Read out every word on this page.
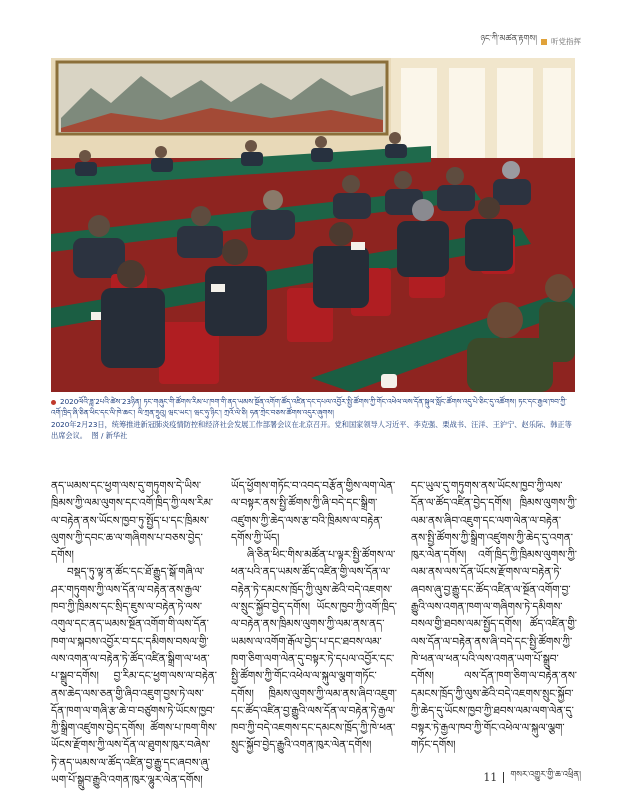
ཉང་ཀི་མཚན་རྟགས། 听党指挥
2020ལོའི་ཟླ་2པའི་ཚེས་23ཉིན། ཏང་གཞུང་གི་ཚོགས་རིམ་པ་ཁག་གི་ནད་ཡམས་སྔོན་འགོག་ཚོད་འཛིན་དང་དཔལ་འབྱོར་སྤྱི་ཚོགས་ཀྱི་གོང་འཕེལ་ལས་དོན་སྐུལ་སློང་ཚོགས་འདུ་པེ་ཅིང་དུ་འཚོགས། ཏང་དང་རྒྱལ་ཁབ་ཀྱི་འགོ་ཁྲིད་ཞི་ཅིན་ཕིང་དང་ལི་ཁེ་ཆང་། ལི་ཀྲན་ཧྲུའུ། ཝང་ཡང་། ཝང་ཧུ་ཉིང་། ཀྲའོ་ལེ་ཅི། ཧན་ཀྲེང་བཅས་ཚོགས་འདུར་ཞུགས།
2020年2月23日，统筹推进新冠肺炎疫情防控和经济社会发展工作部署会议在北京召开。党和国家领导人习近平、李克强、栗战书、汪洋、王沪宁、赵乐际、韩正等出席会议。 图 / 新华社

ནད་ཡམས་དང་ཕྱག་ལས་དུ་གཏུགས་དེ་ཡིས་ཁྲིམས་ཀྱི་ལམ་ལུགས་དང་འགོ་ཁྲིད་ཀྱི་ལས་རིམ་ལ་བརྟེན་ནས་ཡོངས་ཁྱབ་ཏུ་སྤྱོད་པ་དང་ཁྲིམས་ལུགས་ཀྱི་དབང་ཆ་ལ་གཞིགས་པ་བཅས་བྱེད་དགོས།

བསྡད་ཏུ་ལྟ་ན་ཚོང་དང་ཐོ་རྒྱུད་སྒོ་གཞི་ལ་ཤར་གཏུགས་ཀྱི་ལས་དོན་ལ་བརྟེན་ནས་རྒྱལ་ཁབ་ཀྱི་ཁྲིམས་དང་སྲིད་ཇུས་ལ་བརྟེན་ཏེ་ལས་འགུལ་དང་ནད་ཡམས་སྔོན་འགོག་གི་ལས་དོན་ཁག་ལ་སྐབས་འབྱོར་བ་དང་དམིགས་བསལ་གྱི་ལས་འགན་ལ་བརྟེན་ཏེ་ཚོད་འཛིན་སྒྲིག་ལ་ཕན་པ་སྒྲུབ་དགོས། བྱ་རིམ་དང་ཕྱག་ལས་ལ་བརྟེན་ནས་ཆེད་ལས་ཅན་གྱི་ཞིབ་འཇུག་བྱས་ཏེ་ལས་དོན་ཁག་ལ་གཞི་རྩ་ཆེ་བ་བཙུགས་ཏེ་ཡོངས་ཁྱབ་ཀྱི་སྒྲིག་འཛུགས་བྱེད་དགོས། ཚོགས་པ་ཁག་གིས་ཡོངས་རྫོགས་ཀྱི་ལས་དོན་ལ་ཐུགས་ཁུར་བཞེས་ཏེ་ནད་ཡམས་ལ་ཚོད་འཛིན་བྱ་རྒྱུ་དང་ཞབས་ཞུ་ཡག་པོ་སྒྲུབ་རྒྱུའི་འགན་ཁུར་ལྷུར་ལེན་དགོས།

ཡོད་ཕྱོགས་གཏོང་བ་འབད་བརྩོན་གྱིས་ལག་ལེན་ལ་བསྟར་ནས་སྤྱི་ཚོགས་ཀྱི་ཞི་བདེ་དང་སྒྲིག་འཛུགས་ཀྱི་ཆེད་ལས་རྩ་བའི་ཁྲིམས་ལ་བརྟེན་དགོས་ཀྱི་ཡོད།

ཞི་ཅིན་ཕིང་གིས་མཚོན་པ་ལྟར་སྤྱི་ཚོགས་ལ་ཕན་པའི་ནད་ཡམས་ཚོད་འཛིན་གྱི་ལས་དོན་ལ་བརྟེན་ཏེ་དམངས་ཁྲོད་ཀྱི་ལུས་ཚེའི་བདེ་འཇགས་ལ་སྲུང་སྐྱོབ་བྱེད་དགོས། ཡོངས་ཁྱབ་ཀྱི་འགོ་ཁྲིད་ལ་བརྟེན་ནས་ཁྲིམས་ལུགས་ཀྱི་ལམ་ནས་ནད་ཡམས་ལ་འགོག་རྒོལ་བྱེད་པ་དང་ཐབས་ལམ་ཁག་ཅིག་ལག་ལེན་དུ་བསྟར་ཏེ་དཔལ་འབྱོར་དང་སྤྱི་ཚོགས་ཀྱི་གོང་འཕེལ་ལ་སྐུལ་ལྕག་གཏོང་དགོས། ཁྲིམས་ལུགས་ཀྱི་ལམ་ནས་ཞིབ་འཇུག་དང་ཚོད་འཛིན་བྱ་རྒྱུའི་ལས་དོན་ལ་བརྟེན་ཏེ་རྒྱལ་ཁབ་ཀྱི་བདེ་འཇགས་དང་དམངས་ཁྲོད་ཀྱི་ཁེ་ཕན་སྲུང་སྐྱོབ་བྱེད་རྒྱུའི་འགན་ཁུར་ལེན་དགོས།

དང་ཡུལ་དུ་གཏུགས་ནས་ཡོངས་ཁྱབ་ཀྱི་ལས་དོན་ལ་ཚོད་འཛིན་བྱེད་དགོས། ཁྲིམས་ལུགས་ཀྱི་ལམ་ནས་ཞིབ་འཇུག་དང་ལག་ལེན་ལ་བརྟེན་ནས་སྤྱི་ཚོགས་ཀྱི་སྒྲིག་འཛུགས་ཀྱི་ཆེད་དུ་འགན་ཁུར་ལེན་དགོས། འགོ་ཁྲིད་ཀྱི་ཁྲིམས་ལུགས་ཀྱི་ལམ་ནས་ལས་དོན་ཡོངས་རྫོགས་ལ་བརྟེན་ཏེ་ཞབས་ཞུ་བྱ་རྒྱུ་དང་ཚོད་འཛིན་ལ་སྔོན་འགོག་བྱ་རྒྱུའི་ལས་འགན་ཁག་ལ་གཞིགས་ཏེ་དམིགས་བསལ་གྱི་ཐབས་ལམ་སྤྱོད་དགོས། ཚོད་འཛིན་གྱི་ལས་དོན་ལ་བརྟེན་ནས་ཞི་བདེ་དང་སྤྱི་ཚོགས་ཀྱི་ཁེ་ཕན་ལ་ཕན་པའི་ལས་འགན་ཡག་པོ་སྒྲུབ་དགོས། ལས་དོན་ཁག་ཅིག་ལ་བརྟེན་ནས་དམངས་ཁྲོད་ཀྱི་ལུས་ཚེའི་བདེ་འཇགས་སྲུང་སྐྱོབ་ཀྱི་ཆེད་དུ་ཡོངས་ཁྱབ་ཀྱི་ཐབས་ལམ་ལག་ལེན་དུ་བསྟར་ཏེ་རྒྱལ་ཁབ་ཀྱི་གོང་འཕེལ་ལ་སྐུལ་ལྕག་གཏོང་དགོས།

11 གསར་འགྱུར་གྱི་ཆ་འཕྲིན།
